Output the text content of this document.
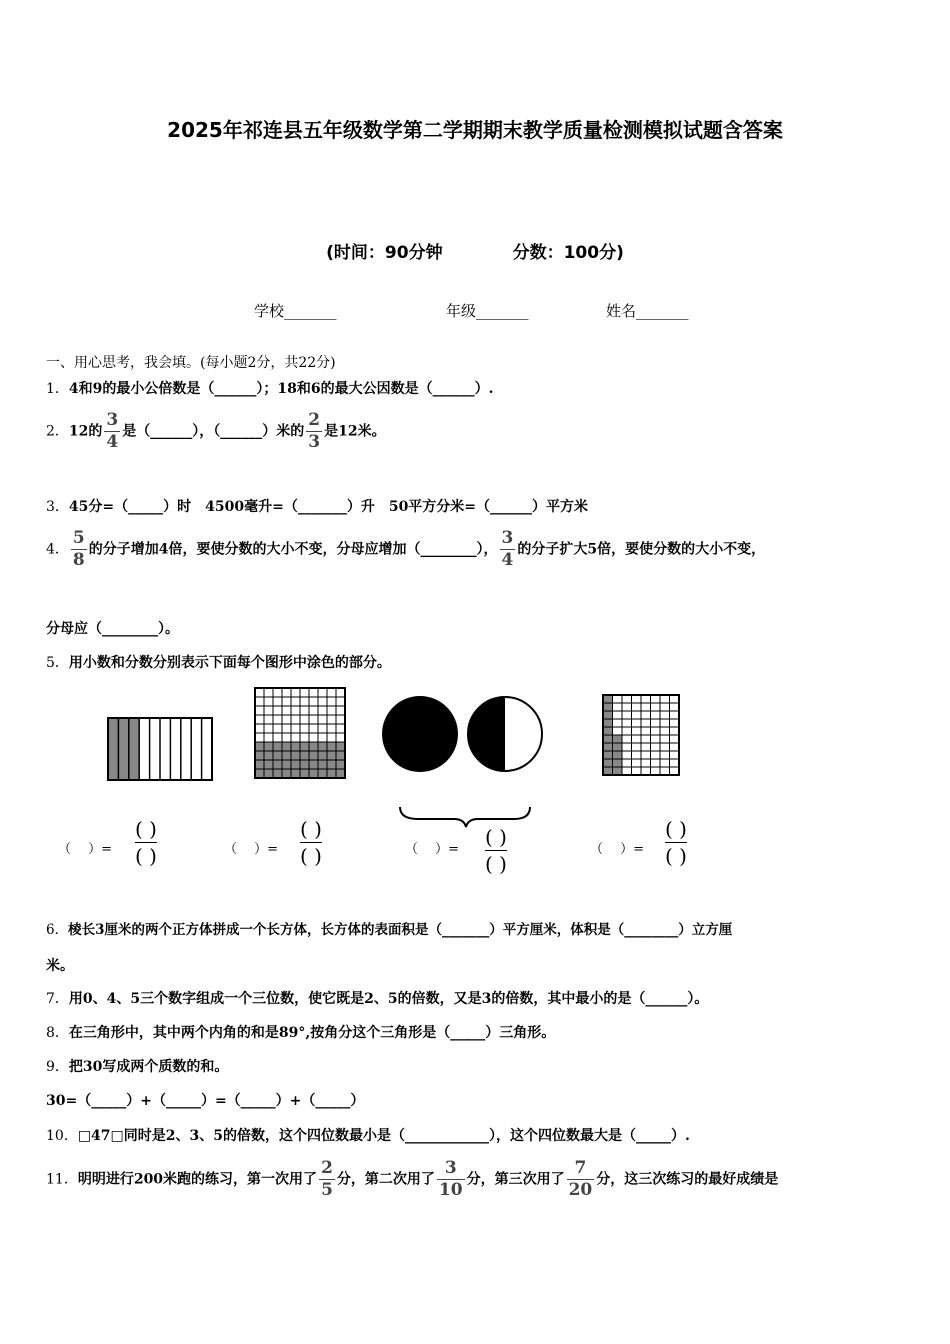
2025年祁连县五年级数学第二学期期末教学质量检测模拟试题含答案
(时间：90分钟	分数：100分)
学校_______	年级_______	姓名_______
一、用心思考，我会填。(每小题2分，共22分)
1．4和9的最小公倍数是（______）；18和6的最大公因数是（______）.
2．12的 $\frac{3}{4}$ 是（______），（______）米的 $\frac{2}{3}$ 是12米。
3．45分=（_____）时　4500毫升=（_______）升　50平方分米=（______）平方米
4． $\frac{5}{8}$ 的分子增加4倍，要使分数的大小不变，分母应增加（________）， $\frac{3}{4}$ 的分子扩大5倍，要使分数的大小不变，
分母应（________）。
5．用小数和分数分别表示下面每个图形中涂色的部分。
（　 ）=
( )
( )	（　 ）=
( )
( )	（　 ）=
( )
( )
（　 ）=
( )
( )
6．棱长3厘米的两个正方体拼成一个长方体，长方体的表面积是（_______）平方厘米，体积是（________）立方厘
米。
7．用0、4、5三个数字组成一个三位数，使它既是2、5的倍数，又是3的倍数，其中最小的是（______）。
8．在三角形中，其中两个内角的和是89°,按角分这个三角形是（_____）三角形。
9．把30写成两个质数的和。
30=（_____）+（_____）=（_____）+（_____）
10．□47□同时是2、3、5的倍数，这个四位数最小是（____________），这个四位数最大是（_____）.
11．明明进行200米跑的练习，第一次用了 $\frac{2}{5}$ 分，第二次用了 $\frac{3}{10}$ 分，第三次用了 $\frac{7}{20}$ 分，这三次练习的最好成绩是
